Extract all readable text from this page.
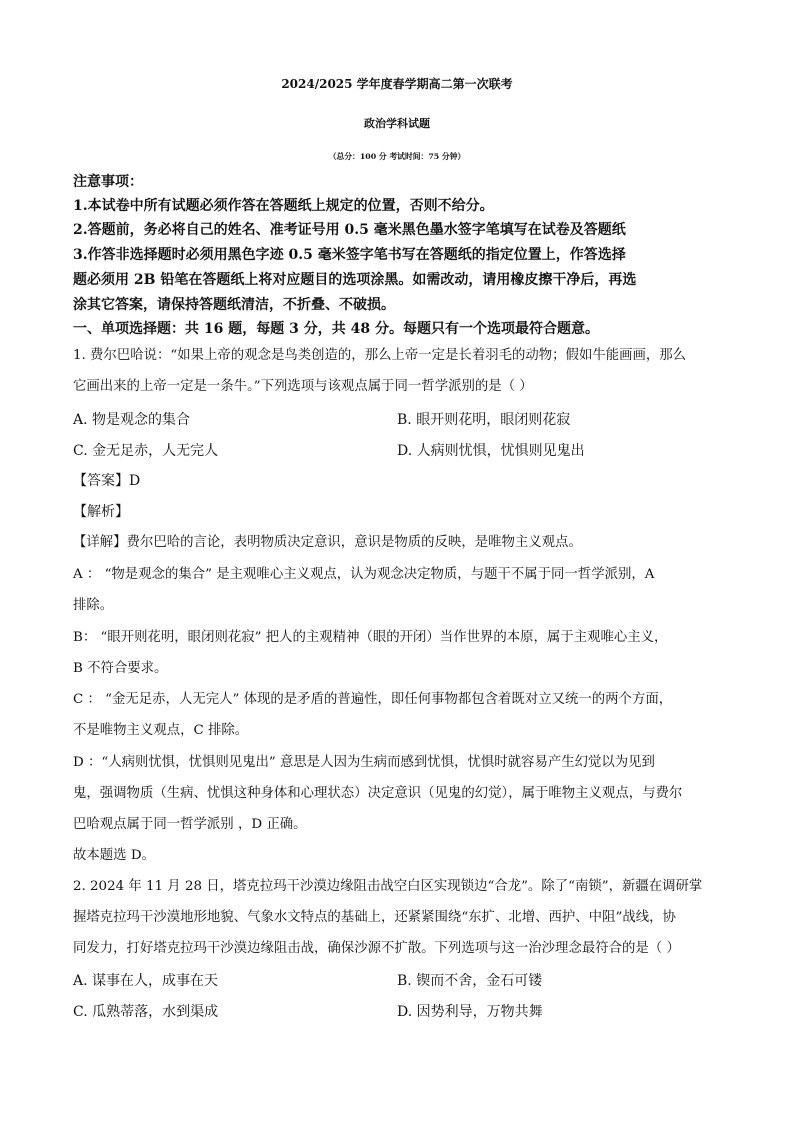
2024/2025 学年度春学期高二第一次联考
政治学科试题
（总分：100 分 考试时间：75 分钟）
注意事项：
1.本试卷中所有试题必须作答在答题纸上规定的位置，否则不给分。
2.答题前，务必将自己的姓名、准考证号用 0.5 毫米黑色墨水签字笔填写在试卷及答题纸
3.作答非选择题时必须用黑色字迹 0.5 毫米签字笔书写在答题纸的指定位置上，作答选择
题必须用 2B 铅笔在答题纸上将对应题目的选项涂黑。如需改动，请用橡皮擦干净后，再选
涂其它答案，请保持答题纸清洁，不折叠、不破损。
一、单项选择题：共 16 题，每题 3 分，共 48 分。每题只有一个选项最符合题意。
1. 费尔巴哈说：“如果上帝的观念是鸟类创造的，那么上帝一定是长着羽毛的动物；假如牛能画画，那么
它画出来的上帝一定是一条牛。”下列选项与该观点属于同一哲学派别的是（ ）
A. 物是观念的集合	B. 眼开则花明，眼闭则花寂
C. 金无足赤，人无完人	D. 人病则忧惧，忧惧则见鬼出
【答案】D
【解析】
【详解】费尔巴哈的言论，表明物质决定意识，意识是物质的反映，是唯物主义观点。
A ： “物是观念的集合” 是主观唯心主义观点，认为观念决定物质，与题干不属于同一哲学派别，A
排除。
B： “眼开则花明，眼闭则花寂” 把人的主观精神（眼的开闭）当作世界的本原，属于主观唯心主义，
B 不符合要求。
C ： “金无足赤，人无完人” 体现的是矛盾的普遍性，即任何事物都包含着既对立又统一的两个方面，
不是唯物主义观点，C 排除。
D ：“人病则忧惧，忧惧则见鬼出” 意思是人因为生病而感到忧惧，忧惧时就容易产生幻觉以为见到
鬼，强调物质（生病、忧惧这种身体和心理状态）决定意识（见鬼的幻觉），属于唯物主义观点，与费尔
巴哈观点属于同一哲学派别 ，D 正确。
故本题选 D。
2. 2024 年 11 月 28 日，塔克拉玛干沙漠边缘阻击战空白区实现锁边“合龙”。除了“南锁”，新疆在调研掌
握塔克拉玛干沙漠地形地貌、气象水文特点的基础上，还紧紧围绕“东扩、北增、西护、中阻”战线，协
同发力，打好塔克拉玛干沙漠边缘阻击战，确保沙源不扩散。下列选项与这一治沙理念最符合的是（ ）
A. 谋事在人，成事在天	B. 锲而不舍，金石可镂
C. 瓜熟蒂落，水到渠成	D. 因势利导，万物共舞
